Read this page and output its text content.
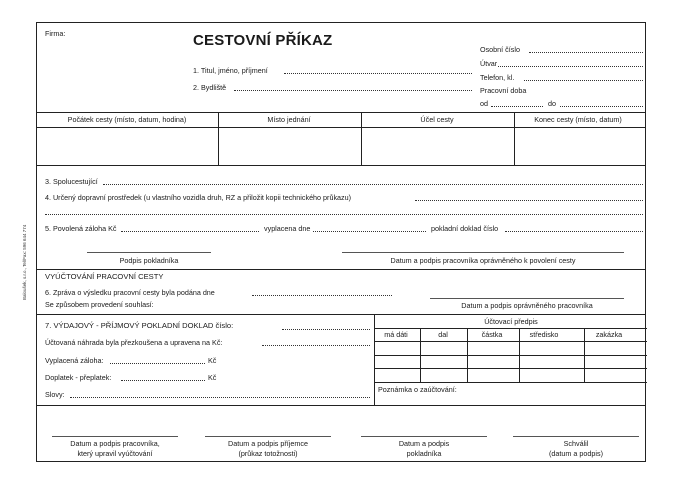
Baloušek, s.r.o., Tel/Fax: 596 644 774
Firma:	CESTOVNÍ PŘÍKAZ
1. Titul, jméno, příjmení
2. Bydliště
Osobní číslo
Útvar
Telefon, kl.
Pracovní doba
od	do
Počátek cesty (místo, datum, hodina)	Místo jednání	Účel cesty	Konec cesty (místo, datum)
3. Spolucestující
4. Určený dopravní prostředek (u vlastního vozidla druh, RZ a přiložit kopii technického průkazu)
5. Povolená záloha Kč	vyplacena dne	pokladní doklad číslo
Podpis pokladníka	Datum a podpis pracovníka oprávněného k povolení cesty
VYÚČTOVÁNÍ PRACOVNÍ CESTY
6. Zpráva o výsledku pracovní cesty byla podána dne
Se způsobem provedení souhlasí:	Datum a podpis oprávněného pracovníka
7. VÝDAJOVÝ - PŘÍJMOVÝ POKLADNÍ DOKLAD číslo:
Účtovaná náhrada byla přezkoušena a upravena na Kč:
Vyplacená záloha:	Kč
Doplatek - přeplatek:	Kč
Slovy:
Účtovací předpis
má dáti	dal	částka	středisko	zakázka
Poznámka o zaúčtování:
Datum a podpis pracovníka,
který upravil vyúčtování
Datum a podpis příjemce
(průkaz totožnosti)
Datum a podpis
pokladníka
Schválil
(datum a podpis)
